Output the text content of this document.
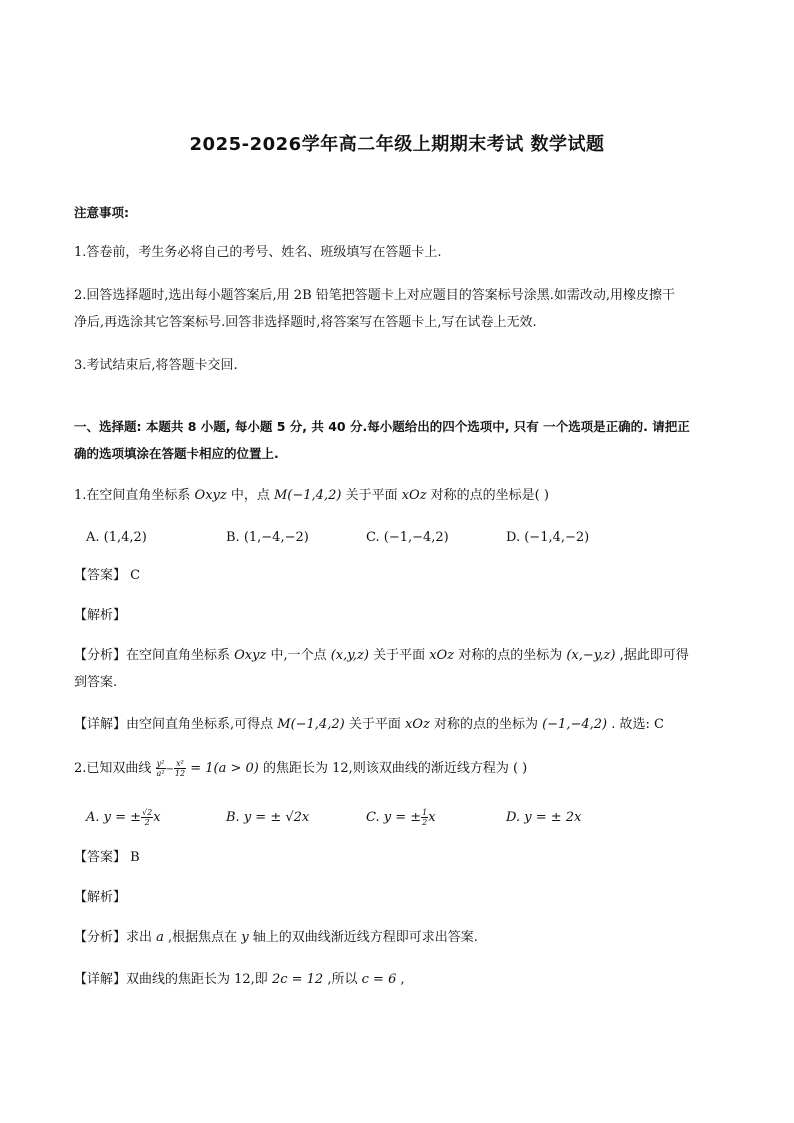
2025-2026学年高二年级上期期末考试 数学试题
注意事项:
1.答卷前，考生务必将自己的考号、姓名、班级填写在答题卡上.
2.回答选择题时,选出每小题答案后,用 2B 铅笔把答题卡上对应题目的答案标号涂黑.如需改动,用橡皮擦干
净后,再选涂其它答案标号.回答非选择题时,将答案写在答题卡上,写在试卷上无效.
3.考试结束后,将答题卡交回.
一、选择题: 本题共 8 小题, 每小题 5 分, 共 40 分.每小题给出的四个选项中, 只有 一个选项是正确的. 请把正
确的选项填涂在答题卡相应的位置上.
1.在空间直角坐标系 Oxyz 中，点 M(−1,4,2) 关于平面 xOz 对称的点的坐标是( )
A. (1,4,2)	B. (1,−4,−2)	C. (−1,−4,2)	D. (−1,4,−2)
【答案】 C
【解析】
【分析】在空间直角坐标系 Oxyz 中,一个点 (x,y,z) 关于平面 xOz 对称的点的坐标为 (x,−y,z) ,据此即可得
到答案.
【详解】由空间直角坐标系,可得点 M(−1,4,2) 关于平面 xOz 对称的点的坐标为 (−1,−4,2) . 故选: C
2.已知双曲线 $\frac{\text{y²}}{\text{a²}} - \frac{\text{x²}}{12} = 1(a > 0)$ 的焦距长为 12,则该双曲线的渐近线方程为 ( )
A. y = ± $\frac{√2}{2}$ x	B. y = ± √2x	C. y = ± $\frac{1}{2}$ x	D. y = ± 2x
【答案】 B
【解析】
【分析】求出 a ,根据焦点在 y 轴上的双曲线渐近线方程即可求出答案.
【详解】双曲线的焦距长为 12,即 2c = 12 ,所以 c = 6 ,
